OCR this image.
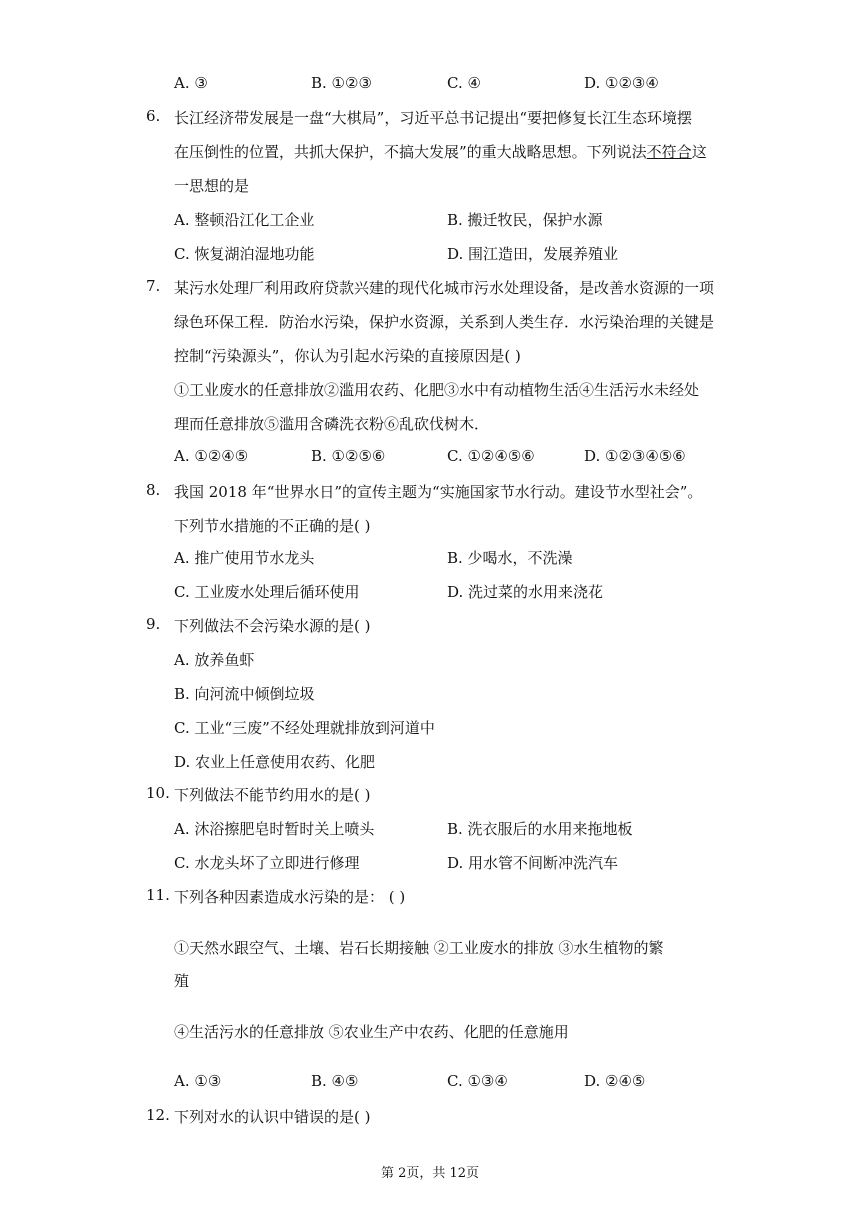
A. ③	B. ①②③	C. ④	D. ①②③④
6. 长江经济带发展是一盘“大棋局”，习近平总书记提出“要把修复长江生态环境摆
在压倒性的位置，共抓大保护，不搞大发展”的重大战略思想。下列说法不符合这
一思想的是
A. 整顿沿江化工企业	B. 搬迁牧民，保护水源
C. 恢复湖泊湿地功能	D. 围江造田，发展养殖业
7. 某污水处理厂利用政府贷款兴建的现代化城市污水处理设备，是改善水资源的一项
绿色环保工程．防治水污染，保护水资源，关系到人类生存．水污染治理的关键是
控制“污染源头”，你认为引起水污染的直接原因是( )
①工业废水的任意排放②滥用农药、化肥③水中有动植物生活④生活污水未经处
理而任意排放⑤滥用含磷洗衣粉⑥乱砍伐树木．
A. ①②④⑤	B. ①②⑤⑥	C. ①②④⑤⑥	D. ①②③④⑤⑥
8. 我国 2018 年“世界水日”的宣传主题为“实施国家节水行动。建设节水型社会”。
下列节水措施的不正确的是( )
A. 推广使用节水龙头	B. 少喝水，不洗澡
C. 工业废水处理后循环使用	D. 洗过菜的水用来浇花
9. 下列做法不会污染水源的是( )
A. 放养鱼虾
B. 向河流中倾倒垃圾
C. 工业“三废”不经处理就排放到河道中
D. 农业上任意使用农药、化肥
10. 下列做法不能节约用水的是( )
A. 沐浴擦肥皂时暂时关上喷头	B. 洗衣服后的水用来拖地板
C. 水龙头坏了立即进行修理	D. 用水管不间断冲洗汽车
11. 下列各种因素造成水污染的是： ( )
①天然水跟空气、土壤、岩石长期接触 ②工业废水的排放 ③水生植物的繁
殖
④生活污水的任意排放 ⑤农业生产中农药、化肥的任意施用
A. ①③	B. ④⑤	C. ①③④	D. ②④⑤
12. 下列对水的认识中错误的是( )
第 2页，共 12页
